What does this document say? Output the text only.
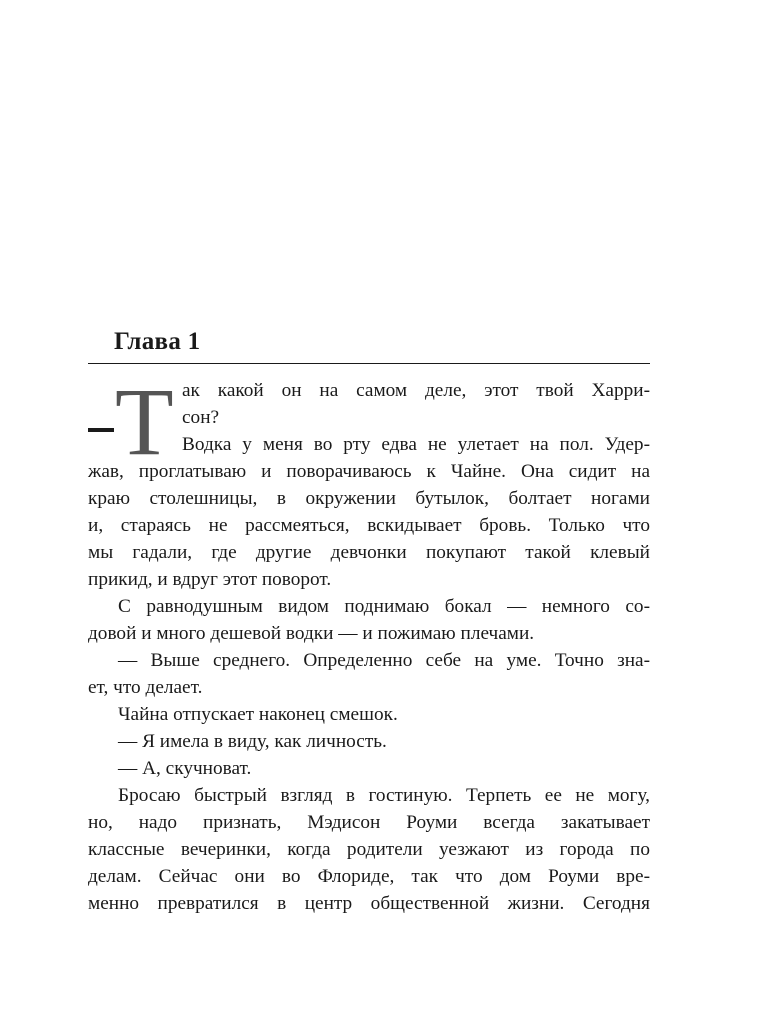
Глава 1
Т ак какой он на самом деле, этот твой Харри-
сон?
Водка у меня во рту едва не улетает на пол. Удер-
жав, проглатываю и поворачиваюсь к Чайне. Она сидит на
краю столешницы, в окружении бутылок, болтает ногами
и, стараясь не рассмеяться, вскидывает бровь. Только что
мы гадали, где другие девчонки покупают такой клевый
прикид, и вдруг этот поворот.
С равнодушным видом поднимаю бокал — немного со-
довой и много дешевой водки — и пожимаю плечами.
— Выше среднего. Определенно себе на уме. Точно зна-
ет, что делает.
Чайна отпускает наконец смешок.
— Я имела в виду, как личность.
— А, скучноват.
Бросаю быстрый взгляд в гостиную. Терпеть ее не могу,
но, надо признать, Мэдисон Роуми всегда закатывает
классные вечеринки, когда родители уезжают из города по
делам. Сейчас они во Флориде, так что дом Роуми вре-
менно превратился в центр общественной жизни. Сегодня
